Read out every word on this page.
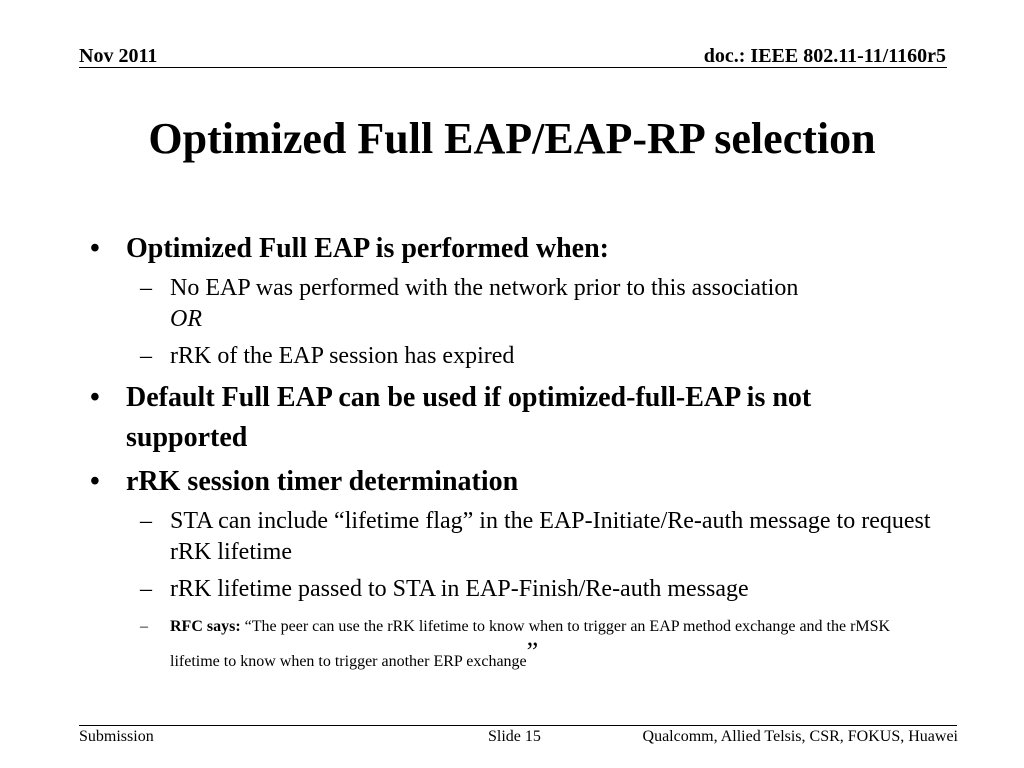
Nov 2011	doc.: IEEE 802.11-11/1160r5
Optimized Full EAP/EAP-RP selection
• Optimized Full EAP is performed when:
– No EAP was performed with the network prior to this association
OR
– rRK of the EAP session has expired
• Default Full EAP can be used if optimized-full-EAP is not supported
• rRK session timer determination
– STA can include “lifetime flag” in the EAP-Initiate/Re-auth message to request rRK lifetime
– rRK lifetime passed to STA in EAP-Finish/Re-auth message
– RFC says: “The peer can use the rRK lifetime to know when to trigger an EAP method exchange and the rMSK lifetime to know when to trigger another ERP exchange”
Submission	Slide 15	Qualcomm, Allied Telsis, CSR, FOKUS, Huawei
